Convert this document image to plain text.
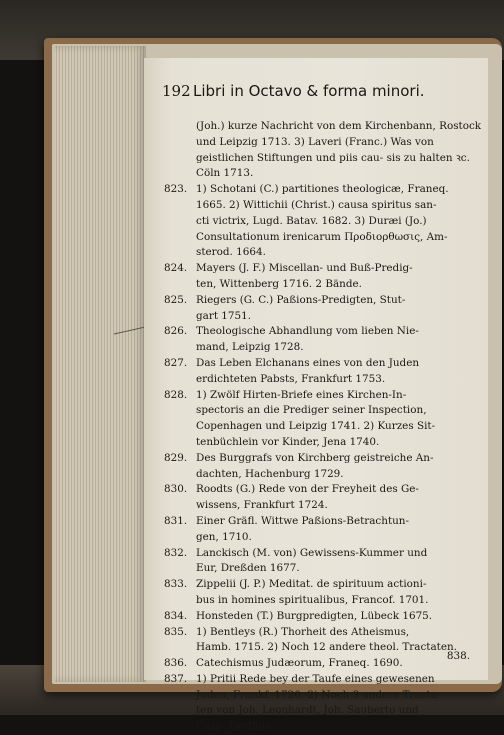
192 Libri in Octavo & forma minori.
(Joh.) kurze Nachricht von dem Kirchenbann, Rostock und Leipzig 1713. 3) Laveri (Franc.) Was von geistlichen Stiftungen und piis cau- sis zu halten ꝛc. Cöln 1713.
823. 1) Schotani (C.) partitiones theologicæ, Franeq.
1665. 2) Wittichii (Christ.) causa spiritus san-
cti victrix, Lugd. Batav. 1682. 3) Duræi (Jo.)
Consultationum irenicarum Προδιορθωσις, Am-
sterod. 1664.
824. Mayers (J. F.) Miscellan- und Buß-Predig-
ten, Wittenberg 1716. 2 Bände.
825. Riegers (G. C.) Paßions-Predigten, Stut-
gart 1751.
826. Theologische Abhandlung vom lieben Nie-
mand, Leipzig 1728.
827. Das Leben Elchanans eines von den Juden
erdichteten Pabsts, Frankfurt 1753.
828. 1) Zwölf Hirten-Briefe eines Kirchen-In-
spectoris an die Prediger seiner Inspection,
Copenhagen und Leipzig 1741. 2) Kurzes Sit-
tenbüchlein vor Kinder, Jena 1740.
829. Des Burggrafs von Kirchberg geistreiche An-
dachten, Hachenburg 1729.
830. Roodts (G.) Rede von der Freyheit des Ge-
wissens, Frankfurt 1724.
831. Einer Gräfl. Wittwe Paßions-Betrachtun-
gen, 1710.
832. Lanckisch (M. von) Gewissens-Kummer und
Eur, Dreßden 1677.
833. Zippelii (J. P.) Meditat. de spirituum actioni-
bus in homines spiritualibus, Francof. 1701.
834. Honsteden (T.) Burgpredigten, Lübeck 1675.
835. 1) Bentleys (R.) Thorheit des Atheismus,
Hamb. 1715. 2) Noch 12 andere theol. Tractaten.
836. Catechismus Judæorum, Franeq. 1690.
837. 1) Pritii Rede bey der Taufe eines gewesenen
Juden, Frankf. 1720. 2) Noch 3 andere Tracta-
ten von Joh. Leonhardt, Joh. Sauberto und
Casp. Dreffels.
838.
